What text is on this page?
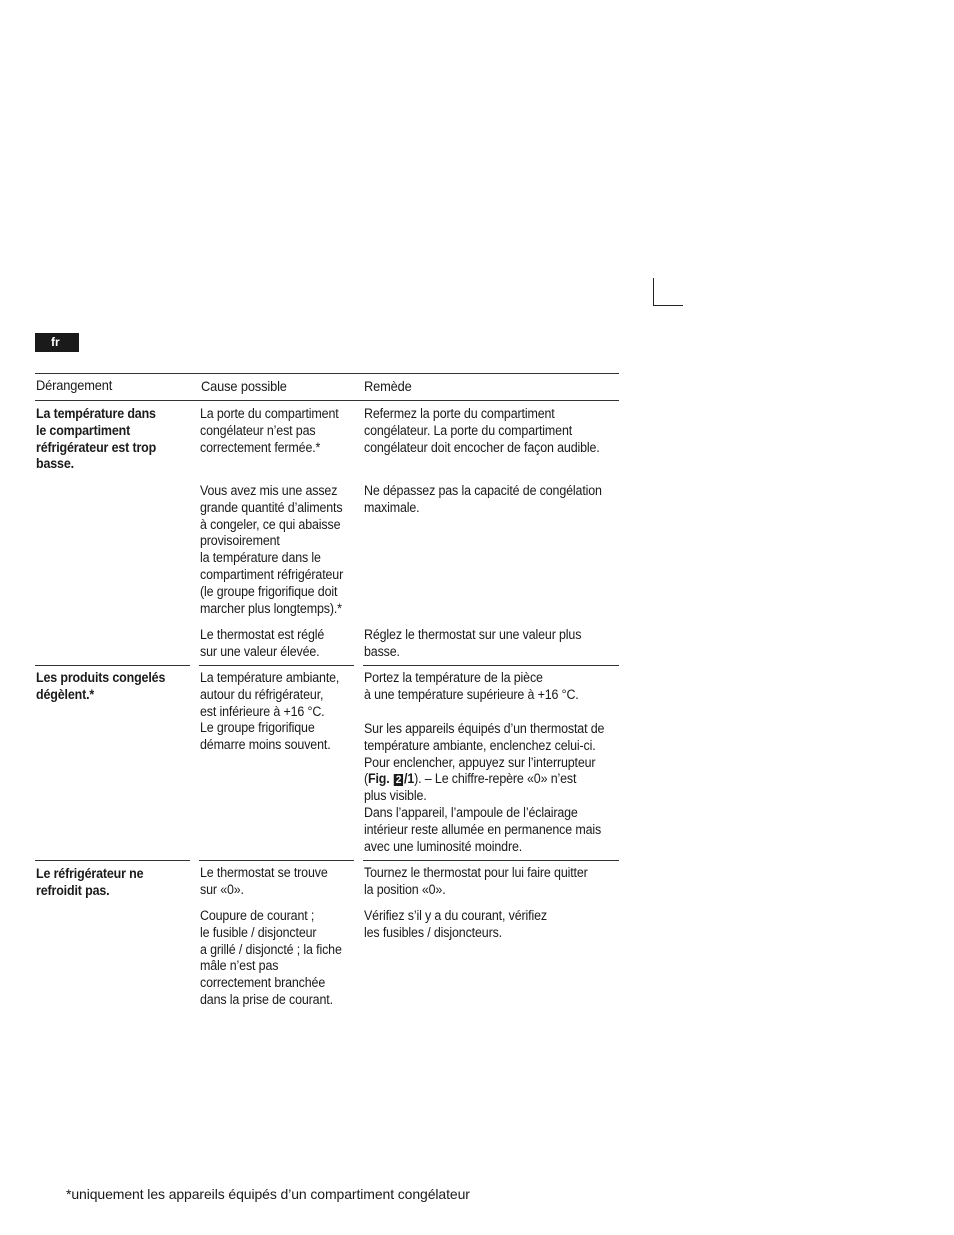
fr
Dérangement	Cause possible	Remède
La température dans
le compartiment
réfrigérateur est trop
basse.
La porte du compartiment
congélateur n’est pas
correctement fermée.*
Refermez la porte du compartiment
congélateur. La porte du compartiment
congélateur doit encocher de façon audible.
Vous avez mis une assez
grande quantité d’aliments
à congeler, ce qui abaisse
provisoirement
la température dans le
compartiment réfrigérateur
(le groupe frigorifique doit
marcher plus longtemps).*
Ne dépassez pas la capacité de congélation
maximale.
Le thermostat est réglé
sur une valeur élevée.
Réglez le thermostat sur une valeur plus
basse.
Les produits congelés
dégèlent.*
La température ambiante,
autour du réfrigérateur,
est inférieure à +16 °C.
Le groupe frigorifique
démarre moins souvent.
Portez la température de la pièce
à une température supérieure à +16 °C.
Sur les appareils équipés d’un thermostat de
température ambiante, enclenchez celui-ci.
Pour enclencher, appuyez sur l’interrupteur
(Fig. 2 /1). – Le chiffre-repère «0» n’est
plus visible.
Dans l’appareil, l’ampoule de l’éclairage
intérieur reste allumée en permanence mais
avec une luminosité moindre.
Le réfrigérateur ne
refroidit pas.
Le thermostat se trouve
sur «0».
Tournez le thermostat pour lui faire quitter
la position «0».
Coupure de courant ;
le fusible / disjoncteur
a grillé / disjoncté ; la fiche
mâle n’est pas
correctement branchée
dans la prise de courant.
Vérifiez s’il y a du courant, vérifiez
les fusibles / disjoncteurs.
*uniquement les appareils équipés d’un compartiment congélateur
